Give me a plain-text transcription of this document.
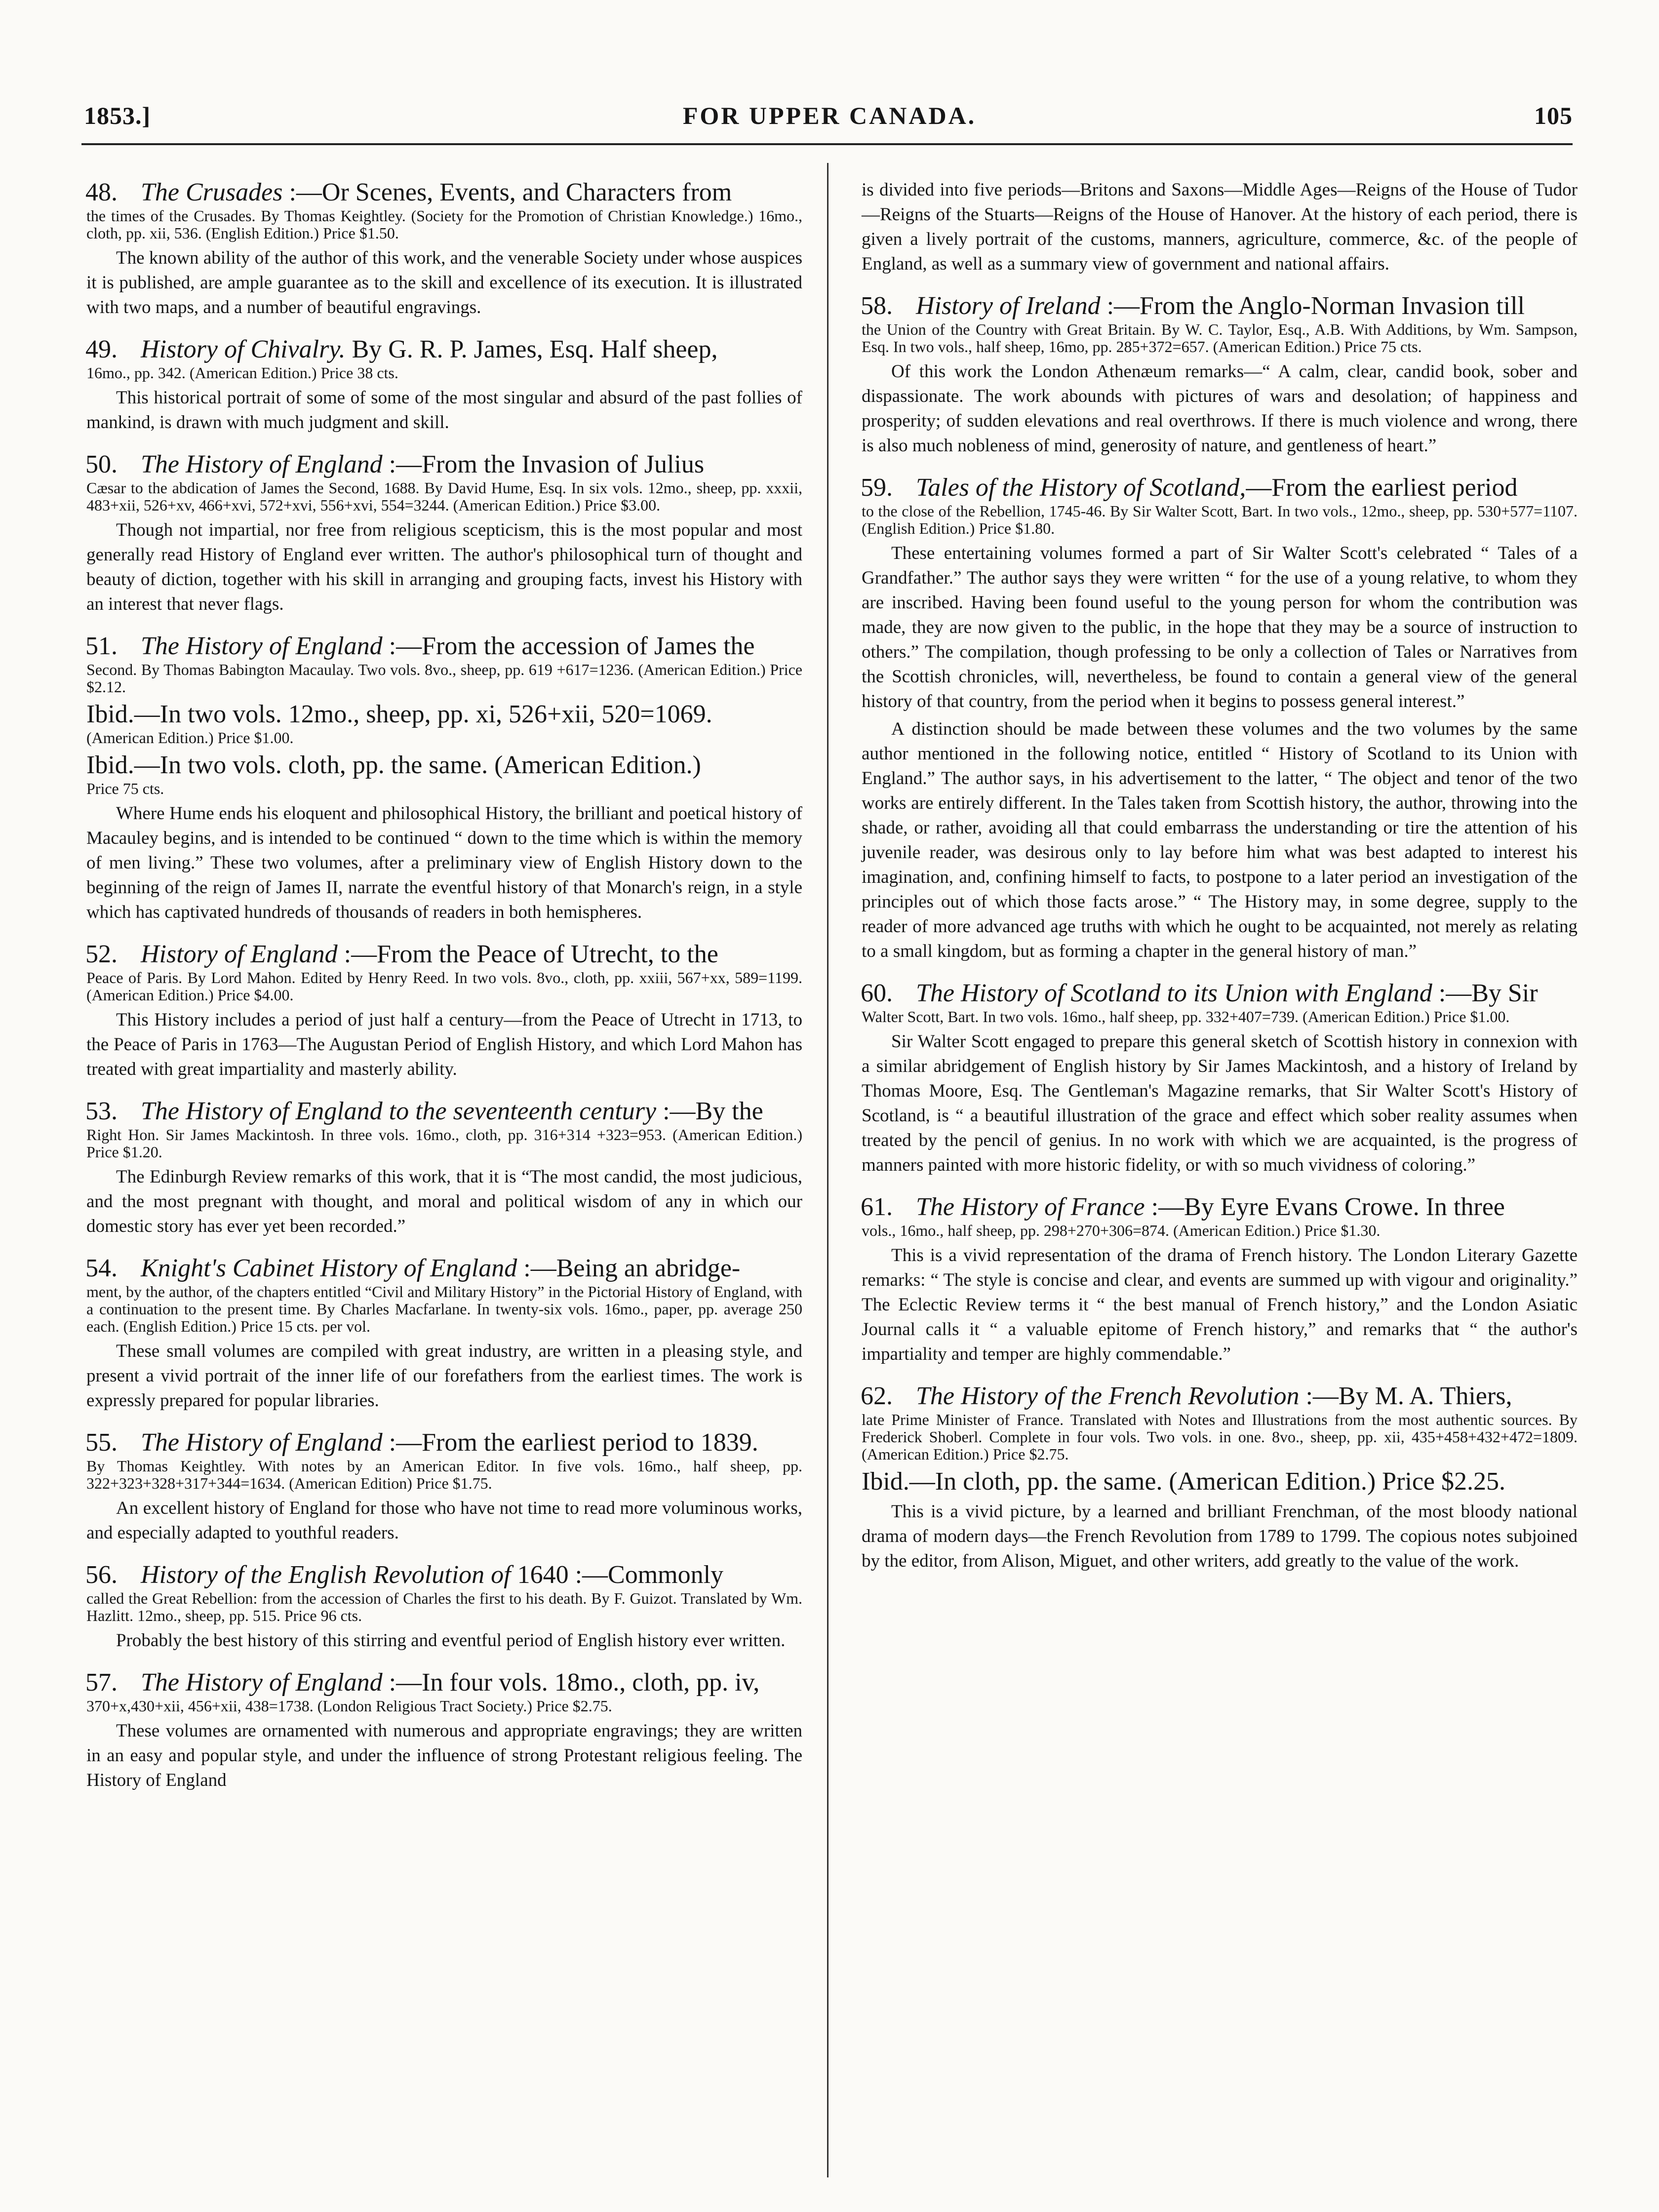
1853.]	FOR UPPER CANADA.	105
48. The Crusades :—Or Scenes, Events, and Characters from
the times of the Crusades. By Thomas Keightley. (Society for the Promotion of Christian Knowledge.) 16mo., cloth, pp. xii, 536. (English Edition.) Price $1.50.
The known ability of the author of this work, and the venerable Society under whose auspices it is published, are ample guarantee as to the skill and excellence of its execution. It is illustrated with two maps, and a number of beautiful engravings.
49. History of Chivalry. By G. R. P. James, Esq. Half sheep,
16mo., pp. 342. (American Edition.) Price 38 cts.
This historical portrait of some of some of the most singular and absurd of the past follies of mankind, is drawn with much judgment and skill.
50. The History of England :—From the Invasion of Julius
Cæsar to the abdication of James the Second, 1688. By David Hume, Esq. In six vols. 12mo., sheep, pp. xxxii, 483+xii, 526+xv, 466+xvi, 572+xvi, 556+xvi, 554=3244. (American Edition.) Price $3.00.
Though not impartial, nor free from religious scepticism, this is the most popular and most generally read History of England ever written. The author's philosophical turn of thought and beauty of diction, together with his skill in arranging and grouping facts, invest his History with an interest that never flags.
51. The History of England :—From the accession of James the
Second. By Thomas Babington Macaulay. Two vols. 8vo., sheep, pp. 619 +617=1236. (American Edition.) Price $2.12.
Ibid.—In two vols. 12mo., sheep, pp. xi, 526+xii, 520=1069.
(American Edition.) Price $1.00.
Ibid.—In two vols. cloth, pp. the same. (American Edition.)
Price 75 cts.
Where Hume ends his eloquent and philosophical History, the brilliant and poetical history of Macauley begins, and is intended to be continued “ down to the time which is within the memory of men living.” These two volumes, after a preliminary view of English History down to the beginning of the reign of James II, narrate the eventful history of that Monarch's reign, in a style which has captivated hundreds of thousands of readers in both hemispheres.
52. History of England :—From the Peace of Utrecht, to the
Peace of Paris. By Lord Mahon. Edited by Henry Reed. In two vols. 8vo., cloth, pp. xxiii, 567+xx, 589=1199. (American Edition.) Price $4.00.
This History includes a period of just half a century—from the Peace of Utrecht in 1713, to the Peace of Paris in 1763—The Augustan Period of English History, and which Lord Mahon has treated with great impartiality and masterly ability.
53. The History of England to the seventeenth century :—By the
Right Hon. Sir James Mackintosh. In three vols. 16mo., cloth, pp. 316+314 +323=953. (American Edition.) Price $1.20.
The Edinburgh Review remarks of this work, that it is “The most candid, the most judicious, and the most pregnant with thought, and moral and political wisdom of any in which our domestic story has ever yet been recorded.”
54. Knight's Cabinet History of England :—Being an abridge-
ment, by the author, of the chapters entitled “Civil and Military History” in the Pictorial History of England, with a continuation to the present time. By Charles Macfarlane. In twenty-six vols. 16mo., paper, pp. average 250 each. (English Edition.) Price 15 cts. per vol.
These small volumes are compiled with great industry, are written in a pleasing style, and present a vivid portrait of the inner life of our forefathers from the earliest times. The work is expressly prepared for popular libraries.
55. The History of England :—From the earliest period to 1839.
By Thomas Keightley. With notes by an American Editor. In five vols. 16mo., half sheep, pp. 322+323+328+317+344=1634. (American Edition) Price $1.75.
An excellent history of England for those who have not time to read more voluminous works, and especially adapted to youthful readers.
56. History of the English Revolution of 1640 :—Commonly
called the Great Rebellion: from the accession of Charles the first to his death. By F. Guizot. Translated by Wm. Hazlitt. 12mo., sheep, pp. 515. Price 96 cts.
Probably the best history of this stirring and eventful period of English history ever written.
57. The History of England :—In four vols. 18mo., cloth, pp. iv,
370+x,430+xii, 456+xii, 438=1738. (London Religious Tract Society.) Price $2.75.
These volumes are ornamented with numerous and appropriate engravings; they are written in an easy and popular style, and under the influence of strong Protestant religious feeling. The History of England
is divided into five periods—Britons and Saxons—Middle Ages—Reigns of the House of Tudor—Reigns of the Stuarts—Reigns of the House of Hanover. At the history of each period, there is given a lively portrait of the customs, manners, agriculture, commerce, &c. of the people of England, as well as a summary view of government and national affairs.
58. History of Ireland :—From the Anglo-Norman Invasion till
the Union of the Country with Great Britain. By W. C. Taylor, Esq., A.B. With Additions, by Wm. Sampson, Esq. In two vols., half sheep, 16mo, pp. 285+372=657. (American Edition.) Price 75 cts.
Of this work the London Athenæum remarks—“ A calm, clear, candid book, sober and dispassionate. The work abounds with pictures of wars and desolation; of happiness and prosperity; of sudden elevations and real overthrows. If there is much violence and wrong, there is also much nobleness of mind, generosity of nature, and gentleness of heart.”
59. Tales of the History of Scotland,—From the earliest period
to the close of the Rebellion, 1745-46. By Sir Walter Scott, Bart. In two vols., 12mo., sheep, pp. 530+577=1107. (English Edition.) Price $1.80.
These entertaining volumes formed a part of Sir Walter Scott's celebrated “ Tales of a Grandfather.” The author says they were written “ for the use of a young relative, to whom they are inscribed. Having been found useful to the young person for whom the contribution was made, they are now given to the public, in the hope that they may be a source of instruction to others.” The compilation, though professing to be only a collection of Tales or Narratives from the Scottish chronicles, will, nevertheless, be found to contain a general view of the general history of that country, from the period when it begins to possess general interest.”
A distinction should be made between these volumes and the two volumes by the same author mentioned in the following notice, entitled “ History of Scotland to its Union with England.” The author says, in his advertisement to the latter, “ The object and tenor of the two works are entirely different. In the Tales taken from Scottish history, the author, throwing into the shade, or rather, avoiding all that could embarrass the understanding or tire the attention of his juvenile reader, was desirous only to lay before him what was best adapted to interest his imagination, and, confining himself to facts, to postpone to a later period an investigation of the principles out of which those facts arose.” “ The History may, in some degree, supply to the reader of more advanced age truths with which he ought to be acquainted, not merely as relating to a small kingdom, but as forming a chapter in the general history of man.”
60. The History of Scotland to its Union with England :—By Sir
Walter Scott, Bart. In two vols. 16mo., half sheep, pp. 332+407=739. (American Edition.) Price $1.00.
Sir Walter Scott engaged to prepare this general sketch of Scottish history in connexion with a similar abridgement of English history by Sir James Mackintosh, and a history of Ireland by Thomas Moore, Esq. The Gentleman's Magazine remarks, that Sir Walter Scott's History of Scotland, is “ a beautiful illustration of the grace and effect which sober reality assumes when treated by the pencil of genius. In no work with which we are acquainted, is the progress of manners painted with more historic fidelity, or with so much vividness of coloring.”
61. The History of France :—By Eyre Evans Crowe. In three
vols., 16mo., half sheep, pp. 298+270+306=874. (American Edition.) Price $1.30.
This is a vivid representation of the drama of French history. The London Literary Gazette remarks: “ The style is concise and clear, and events are summed up with vigour and originality.” The Eclectic Review terms it “ the best manual of French history,” and the London Asiatic Journal calls it “ a valuable epitome of French history,” and remarks that “ the author's impartiality and temper are highly commendable.”
62. The History of the French Revolution :—By M. A. Thiers,
late Prime Minister of France. Translated with Notes and Illustrations from the most authentic sources. By Frederick Shoberl. Complete in four vols. Two vols. in one. 8vo., sheep, pp. xii, 435+458+432+472=1809. (American Edition.) Price $2.75.
Ibid.—In cloth, pp. the same. (American Edition.) Price $2.25.
This is a vivid picture, by a learned and brilliant Frenchman, of the most bloody national drama of modern days—the French Revolution from 1789 to 1799. The copious notes subjoined by the editor, from Alison, Miguet, and other writers, add greatly to the value of the work.
